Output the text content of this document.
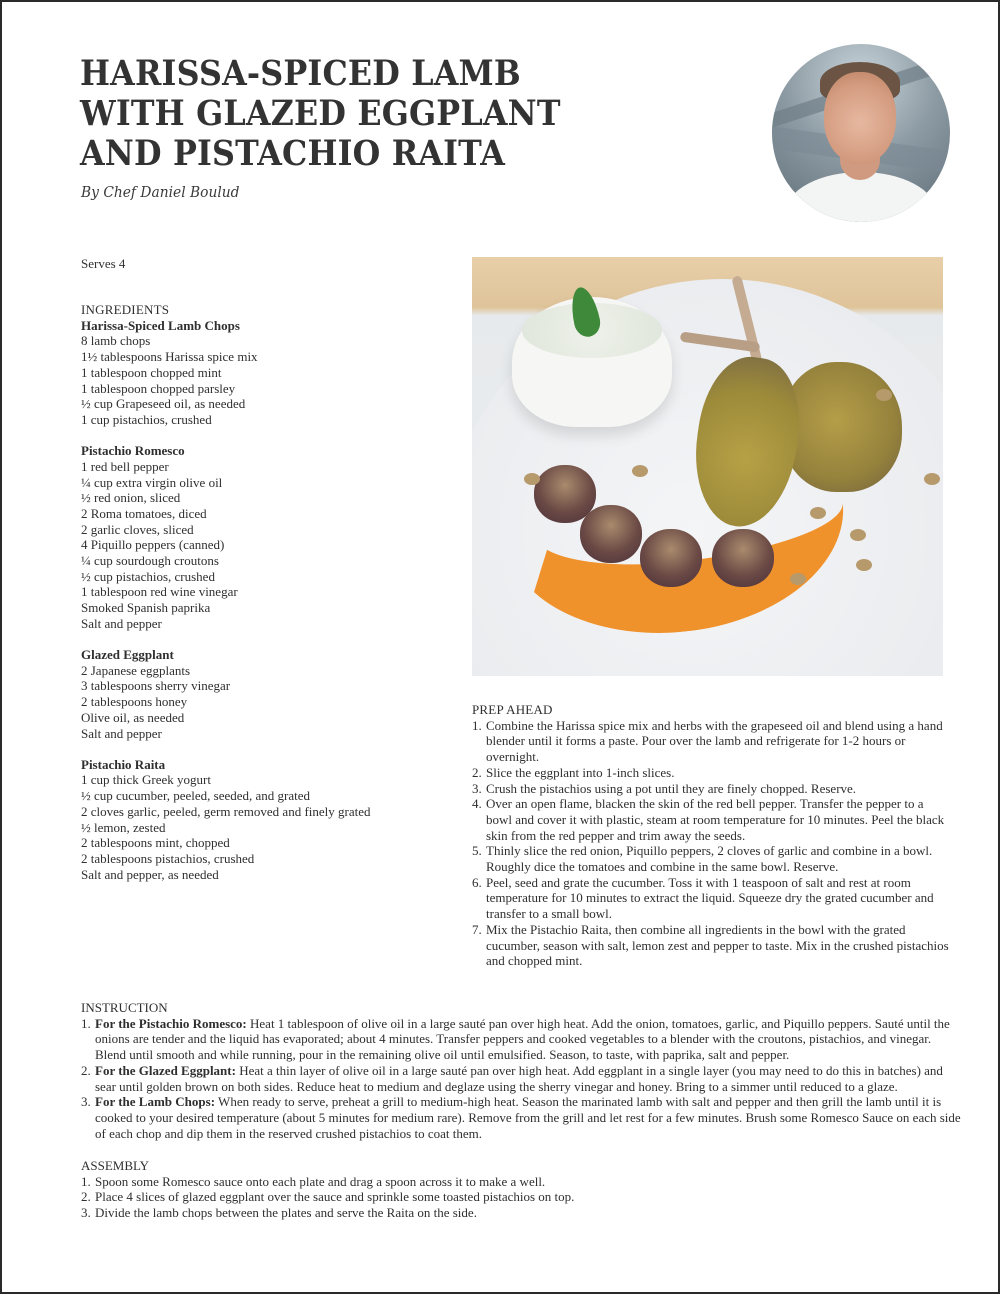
HARISSA-SPICED LAMB
WITH GLAZED EGGPLANT
AND PISTACHIO RAITA
By Chef Daniel Boulud
Serves 4
INGREDIENTS
Harissa-Spiced Lamb Chops
8 lamb chops
1½ tablespoons Harissa spice mix
1 tablespoon chopped mint
1 tablespoon chopped parsley
½ cup Grapeseed oil, as needed
1 cup pistachios, crushed
Pistachio Romesco
1 red bell pepper
¼ cup extra virgin olive oil
½ red onion, sliced
2 Roma tomatoes, diced
2 garlic cloves, sliced
4 Piquillo peppers (canned)
¼ cup sourdough croutons
½ cup pistachios, crushed
1 tablespoon red wine vinegar
Smoked Spanish paprika
Salt and pepper
Glazed Eggplant
2 Japanese eggplants
3 tablespoons sherry vinegar
2 tablespoons honey
Olive oil, as needed
Salt and pepper
Pistachio Raita
1 cup thick Greek yogurt
½ cup cucumber, peeled, seeded, and grated
2 cloves garlic, peeled, germ removed and finely grated
½ lemon, zested
2 tablespoons mint, chopped
2 tablespoons pistachios, crushed
Salt and pepper, as needed
PREP AHEAD
1. Combine the Harissa spice mix and herbs with the grapeseed oil and blend using a hand blender until it forms a paste. Pour over the lamb and refrigerate for 1-2 hours or overnight.
2. Slice the eggplant into 1-inch slices.
3. Crush the pistachios using a pot until they are finely chopped. Reserve.
4. Over an open flame, blacken the skin of the red bell pepper. Transfer the pepper to a bowl and cover it with plastic, steam at room temperature for 10 minutes. Peel the black skin from the red pepper and trim away the seeds.
5. Thinly slice the red onion, Piquillo peppers, 2 cloves of garlic and combine in a bowl. Roughly dice the tomatoes and combine in the same bowl. Reserve.
6. Peel, seed and grate the cucumber. Toss it with 1 teaspoon of salt and rest at room temperature for 10 minutes to extract the liquid. Squeeze dry the grated cucumber and transfer to a small bowl.
7. Mix the Pistachio Raita, then combine all ingredients in the bowl with the grated cucumber, season with salt, lemon zest and pepper to taste. Mix in the crushed pistachios and chopped mint.
INSTRUCTION
1. For the Pistachio Romesco: Heat 1 tablespoon of olive oil in a large sauté pan over high heat. Add the onion, tomatoes, garlic, and Piquillo peppers. Sauté until the onions are tender and the liquid has evaporated; about 4 minutes. Transfer peppers and cooked vegetables to a blender with the croutons, pistachios, and vinegar. Blend until smooth and while running, pour in the remaining olive oil until emulsified. Season, to taste, with paprika, salt and pepper.
2. For the Glazed Eggplant: Heat a thin layer of olive oil in a large sauté pan over high heat. Add eggplant in a single layer (you may need to do this in batches) and sear until golden brown on both sides. Reduce heat to medium and deglaze using the sherry vinegar and honey. Bring to a simmer until reduced to a glaze.
3. For the Lamb Chops: When ready to serve, preheat a grill to medium-high heat. Season the marinated lamb with salt and pepper and then grill the lamb until it is cooked to your desired temperature (about 5 minutes for medium rare). Remove from the grill and let rest for a few minutes. Brush some Romesco Sauce on each side of each chop and dip them in the reserved crushed pistachios to coat them.
ASSEMBLY
1. Spoon some Romesco sauce onto each plate and drag a spoon across it to make a well.
2. Place 4 slices of glazed eggplant over the sauce and sprinkle some toasted pistachios on top.
3. Divide the lamb chops between the plates and serve the Raita on the side.
